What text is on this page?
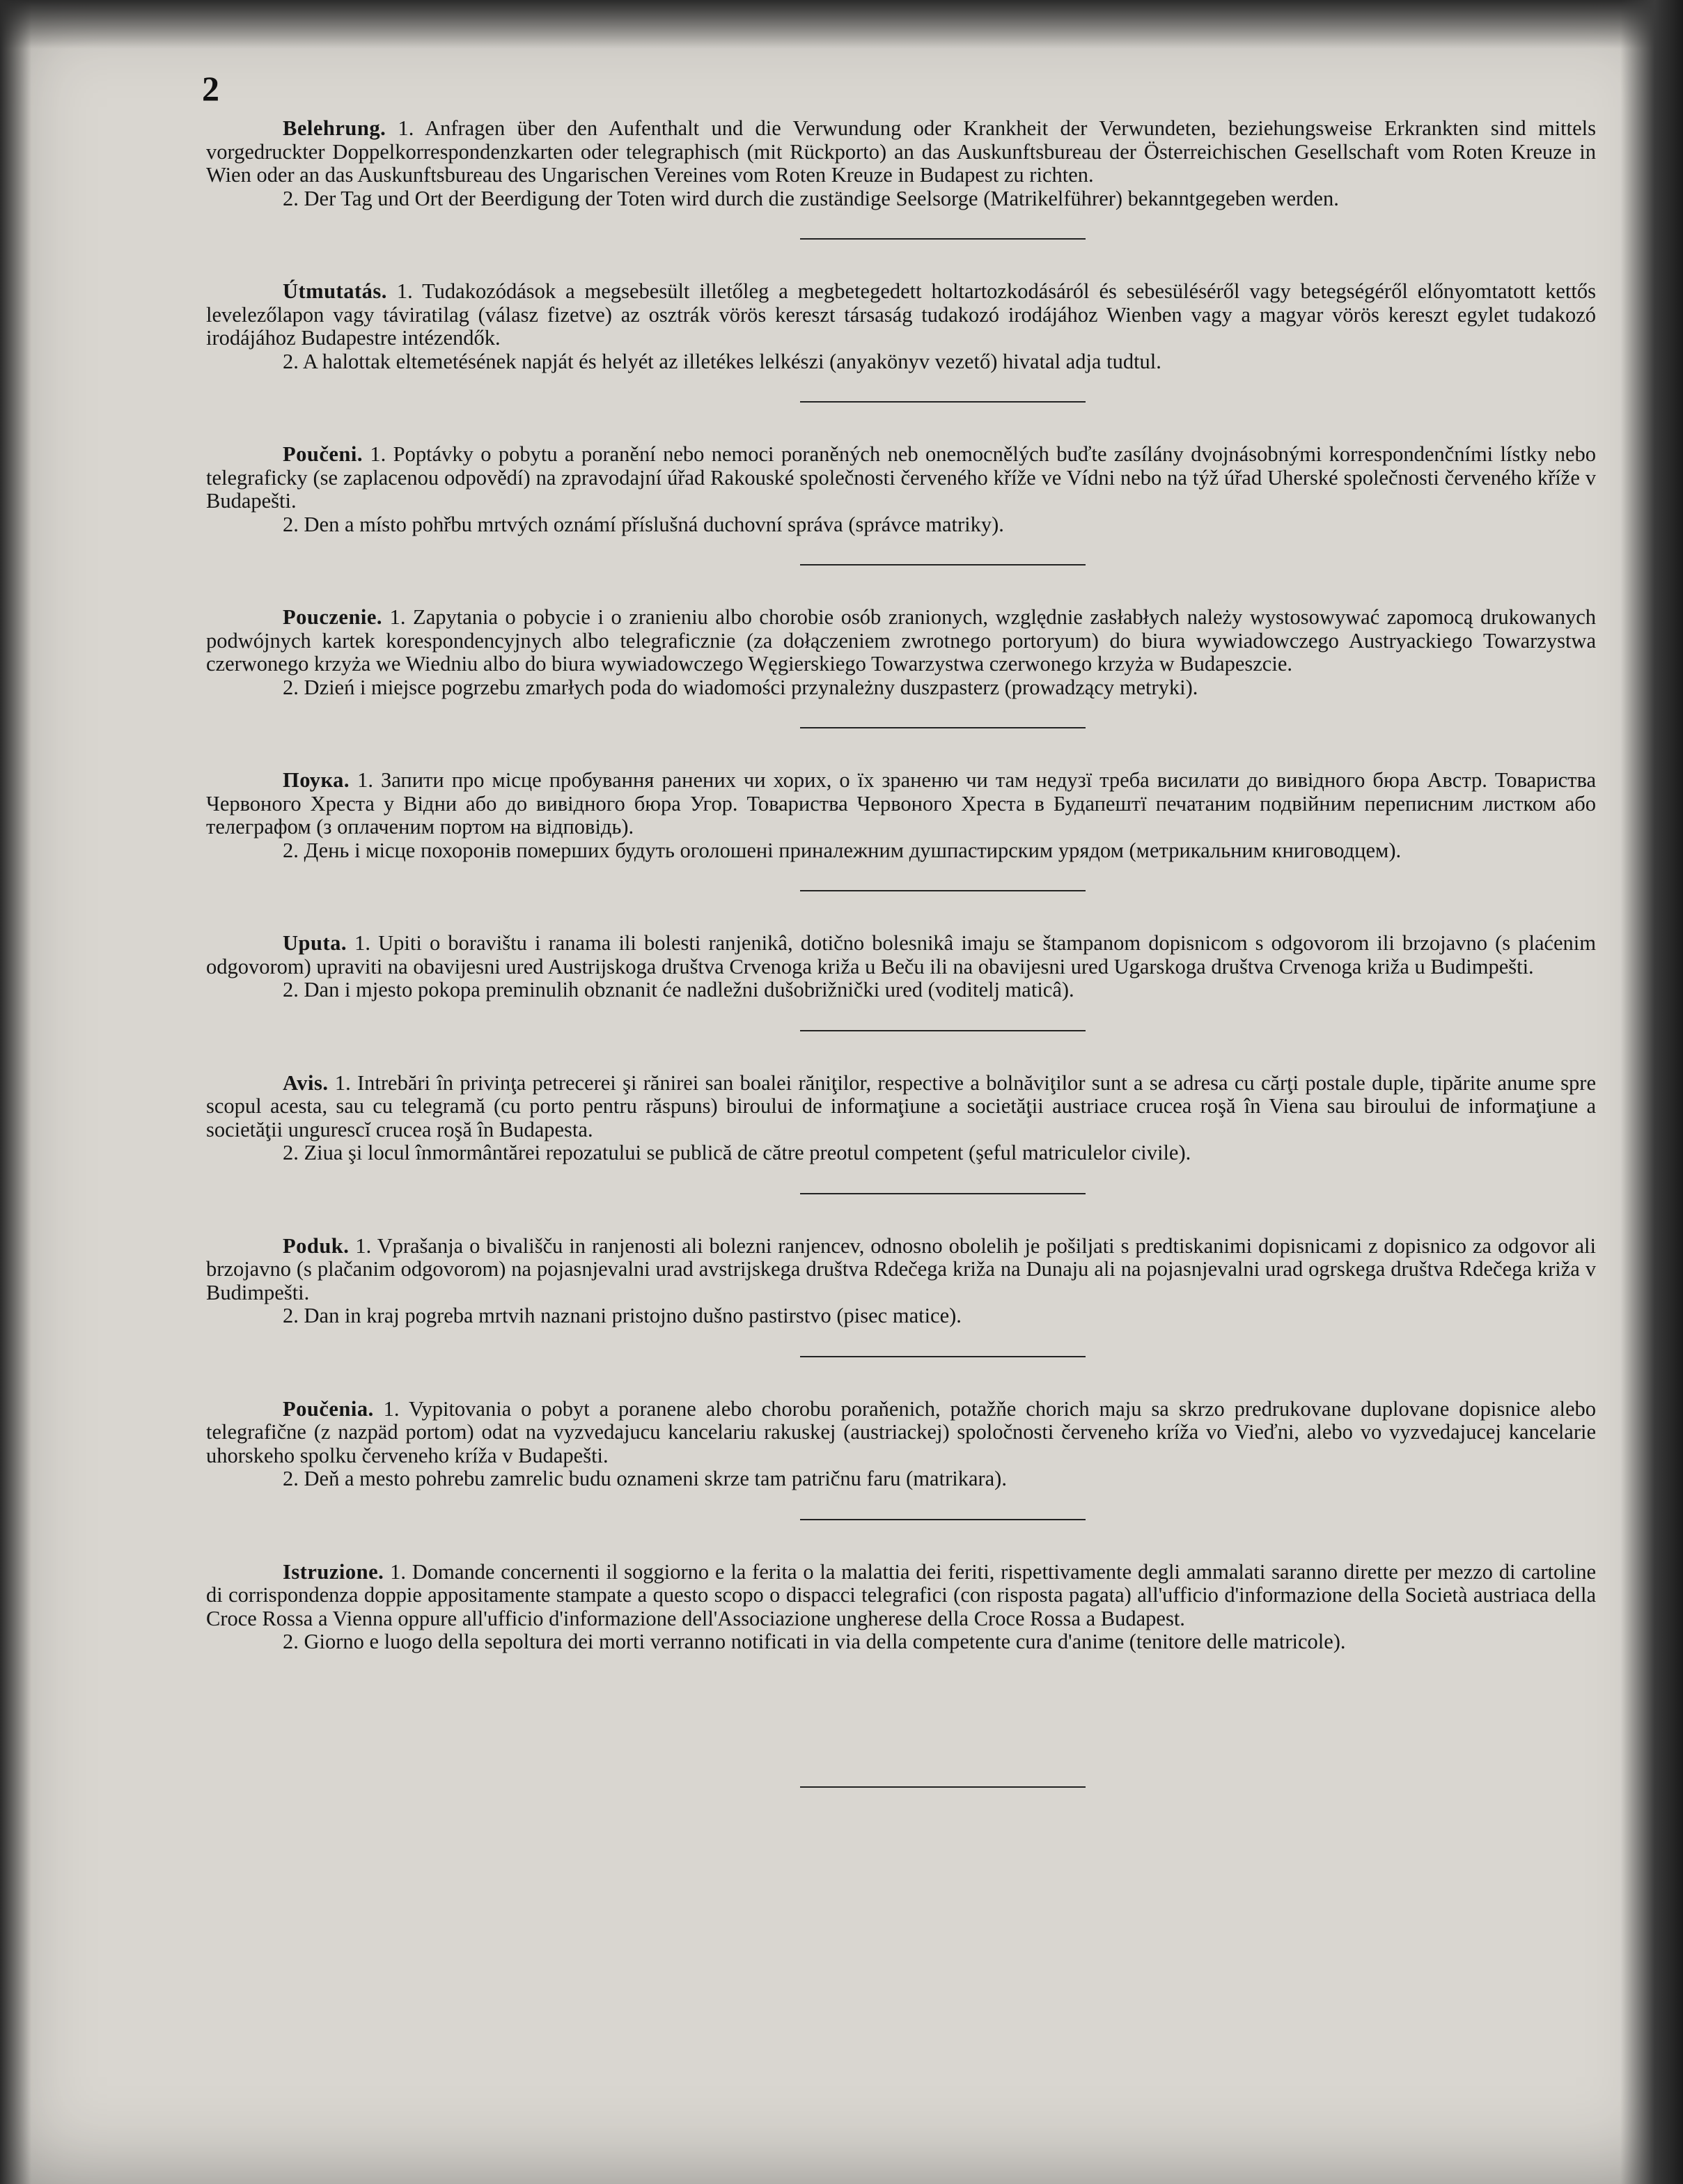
2

Belehrung. 1. Anfragen über den Aufenthalt und die Verwundung oder Krankheit der Verwundeten, beziehungsweise Erkrankten sind mittels vorgedruckter Doppelkorrespondenzkarten oder telegraphisch (mit Rückporto) an das Auskunftsbureau der Österreichischen Gesellschaft vom Roten Kreuze in Wien oder an das Auskunftsbureau des Ungarischen Vereines vom Roten Kreuze in Budapest zu richten.

2. Der Tag und Ort der Beerdigung der Toten wird durch die zuständige Seelsorge (Matrikelführer) bekanntgegeben werden.

Útmutatás. 1. Tudakozódások a megsebesült illetőleg a megbetegedett holtartozkodásáról és sebesüléséről vagy betegségéről előnyomtatott kettős levelezőlapon vagy táviratilag (válasz fizetve) az osztrák vörös kereszt társaság tudakozó irodájához Wienben vagy a magyar vörös kereszt egylet tudakozó irodájához Budapestre intézendők.

2. A halottak eltemetésének napját és helyét az illetékes lelkészi (anyakönyv vezető) hivatal adja tudtul.

Poučeni. 1. Poptávky o pobytu a poranění nebo nemoci poraněných neb onemocnělých buďte zasílány dvojnásobnými korrespondenčními lístky nebo telegraficky (se zaplacenou odpovědí) na zpravodajní úřad Rakouské společnosti červeného kříže ve Vídni nebo na týž úřad Uherské společnosti červeného kříže v Budapešti.

2. Den a místo pohřbu mrtvých oznámí příslušná duchovní správa (správce matriky).

Pouczenie. 1. Zapytania o pobycie i o zranieniu albo chorobie osób zranionych, względnie zasłabłych należy wystosowywać zapomocą drukowanych podwójnych kartek korespondencyjnych albo telegraficznie (za dołączeniem zwrotnego portoryum) do biura wywiadowczego Austryackiego Towarzystwa czerwonego krzyża we Wiedniu albo do biura wywiadowczego Węgierskiego Towarzystwa czerwonego krzyża w Budapeszcie.

2. Dzień i miejsce pogrzebu zmarłych poda do wiadomości przynależny duszpasterz (prowadzący metryki).

Поука. 1. Запити про місце пробування ранених чи хорих, о їх зраненю чи там недузї треба висилати до вивідного бюра Австр. Товариства Червоного Хреста у Відни або до вивідного бюра Угор. Товариства Червоного Хреста в Будапештї печатаним подвійним переписним листком або телеграфом (з оплаченим портом на відповідь).

2. День і місце похоронів померших будуть оголошені приналежним душпастирским урядом (метрикальним книговодцем).

Uputa. 1. Upiti o boravištu i ranama ili bolesti ranjenikâ, dotično bolesnikâ imaju se štampanom dopisnicom s odgovorom ili brzojavno (s plaćenim odgovorom) upraviti na obavijesni ured Austrijskoga društva Crvenoga križa u Beču ili na obavijesni ured Ugarskoga društva Crvenoga križa u Budimpešti.

2. Dan i mjesto pokopa preminulih obznanit će nadležni dušobrižnički ured (voditelj maticâ).

Avis. 1. Intrebări în privinţa petrecerei şi rănirei san boalei răniţilor, respective a bolnăviţilor sunt a se adresa cu cărţi postale duple, tipărite anume spre scopul acesta, sau cu telegramă (cu porto pentru răspuns) biroului de informaţiune a societăţii austriace crucea roşă în Viena sau biroului de informaţiune a societăţii ungurescĭ crucea roşă în Budapesta.

2. Ziua şi locul înmormântărei repozatului se publică de către preotul competent (şeful matriculelor civile).

Poduk. 1. Vprašanja o bivališču in ranjenosti ali bolezni ranjencev, odnosno obolelih je pošiljati s predtiskanimi dopisnicami z dopisnico za odgovor ali brzojavno (s plačanim odgovorom) na pojasnjevalni urad avstrijskega društva Rdečega križa na Dunaju ali na pojasnjevalni urad ogrskega društva Rdečega križa v Budimpešti.

2. Dan in kraj pogreba mrtvih naznani pristojno dušno pastirstvo (pisec matice).

Poučenia. 1. Vypitovania o pobyt a poranene alebo chorobu poraňenich, potažňe chorich maju sa skrzo predrukovane duplovane dopisnice alebo telegrafične (z nazpäd portom) odat na vyzvedajucu kancelariu rakuskej (austriackej) spoločnosti červeneho kríža vo Vieďni, alebo vo vyzvedajucej kancelarie uhorskeho spolku červeneho kríža v Budapešti.

2. Deň a mesto pohrebu zamrelic budu oznameni skrze tam patričnu faru (matrikara).

Istruzione. 1. Domande concernenti il soggiorno e la ferita o la malattia dei feriti, rispettivamente degli ammalati saranno dirette per mezzo di cartoline di corrispondenza doppie appositamente stampate a questo scopo o dispacci telegrafici (con risposta pagata) all'ufficio d'informazione della Società austriaca della Croce Rossa a Vienna oppure all'ufficio d'informazione dell'Associazione ungherese della Croce Rossa a Budapest.

2. Giorno e luogo della sepoltura dei morti verranno notificati in via della competente cura d'anime (tenitore delle matricole).
